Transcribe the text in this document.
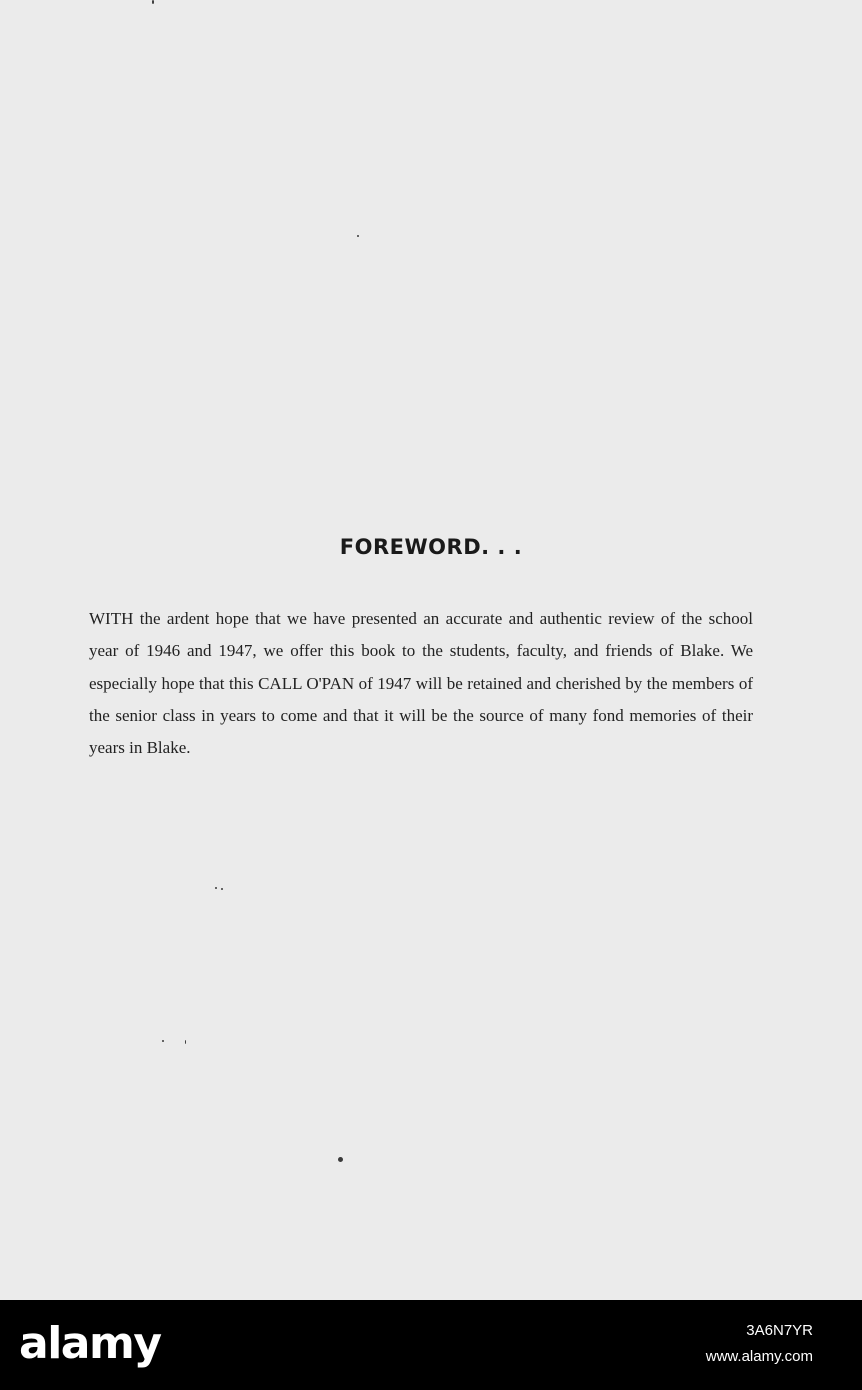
FOREWORD. . .

WITH the ardent hope that we have presented an accurate and authentic review of the school year of 1946 and 1947, we offer this book to the students, faculty, and friends of Blake. We especially hope that this CALL O'PAN of 1947 will be retained and cherished by the members of the senior class in years to come and that it will be the source of many fond memories of their years in Blake.

alamy	3A6N7YR
www.alamy.com
